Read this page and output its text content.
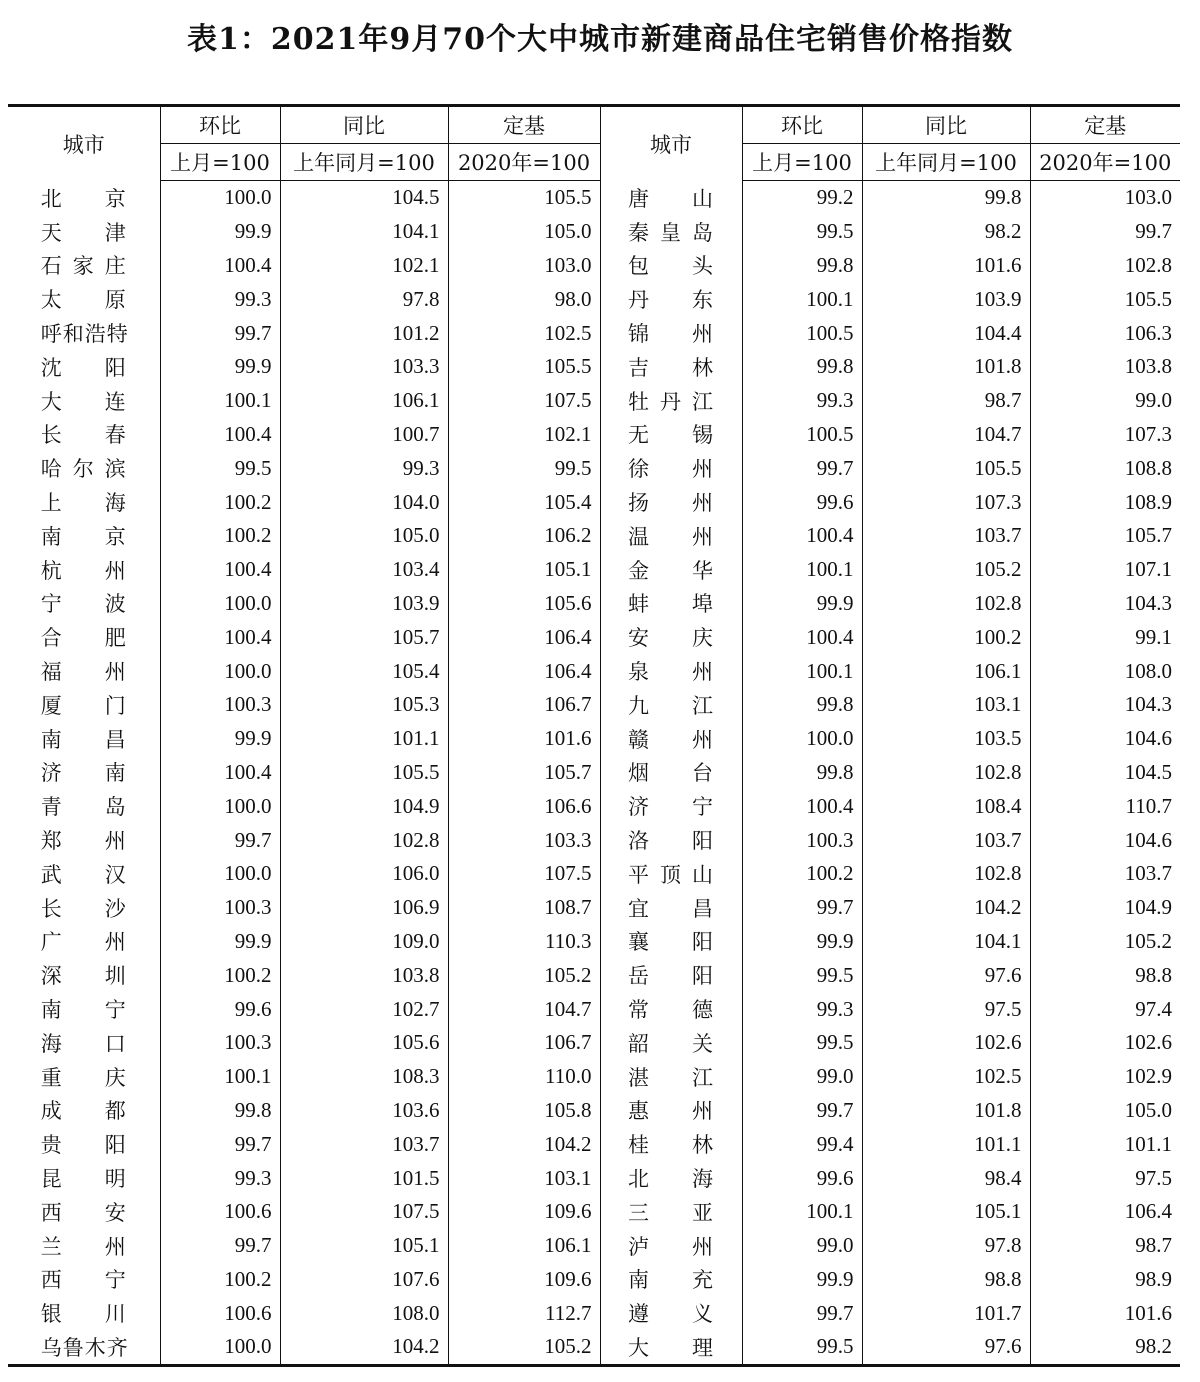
表1：2021年9月70个大中城市新建商品住宅销售价格指数
城市	环比	同比	定基	城市	环比	同比	定基
	上月=100	上年同月=100	2020年=100		上月=100	上年同月=100	2020年=100
北京	100.0	104.5	105.5	唐山	99.2	99.8	103.0
天津	99.9	104.1	105.0	秦皇岛	99.5	98.2	99.7
石家庄	100.4	102.1	103.0	包头	99.8	101.6	102.8
太原	99.3	97.8	98.0	丹东	100.1	103.9	105.5
呼和浩特	99.7	101.2	102.5	锦州	100.5	104.4	106.3
沈阳	99.9	103.3	105.5	吉林	99.8	101.8	103.8
大连	100.1	106.1	107.5	牡丹江	99.3	98.7	99.0
长春	100.4	100.7	102.1	无锡	100.5	104.7	107.3
哈尔滨	99.5	99.3	99.5	徐州	99.7	105.5	108.8
上海	100.2	104.0	105.4	扬州	99.6	107.3	108.9
南京	100.2	105.0	106.2	温州	100.4	103.7	105.7
杭州	100.4	103.4	105.1	金华	100.1	105.2	107.1
宁波	100.0	103.9	105.6	蚌埠	99.9	102.8	104.3
合肥	100.4	105.7	106.4	安庆	100.4	100.2	99.1
福州	100.0	105.4	106.4	泉州	100.1	106.1	108.0
厦门	100.3	105.3	106.7	九江	99.8	103.1	104.3
南昌	99.9	101.1	101.6	赣州	100.0	103.5	104.6
济南	100.4	105.5	105.7	烟台	99.8	102.8	104.5
青岛	100.0	104.9	106.6	济宁	100.4	108.4	110.7
郑州	99.7	102.8	103.3	洛阳	100.3	103.7	104.6
武汉	100.0	106.0	107.5	平顶山	100.2	102.8	103.7
长沙	100.3	106.9	108.7	宜昌	99.7	104.2	104.9
广州	99.9	109.0	110.3	襄阳	99.9	104.1	105.2
深圳	100.2	103.8	105.2	岳阳	99.5	97.6	98.8
南宁	99.6	102.7	104.7	常德	99.3	97.5	97.4
海口	100.3	105.6	106.7	韶关	99.5	102.6	102.6
重庆	100.1	108.3	110.0	湛江	99.0	102.5	102.9
成都	99.8	103.6	105.8	惠州	99.7	101.8	105.0
贵阳	99.7	103.7	104.2	桂林	99.4	101.1	101.1
昆明	99.3	101.5	103.1	北海	99.6	98.4	97.5
西安	100.6	107.5	109.6	三亚	100.1	105.1	106.4
兰州	99.7	105.1	106.1	泸州	99.0	97.8	98.7
西宁	100.2	107.6	109.6	南充	99.9	98.8	98.9
银川	100.6	108.0	112.7	遵义	99.7	101.7	101.6
乌鲁木齐	100.0	104.2	105.2	大理	99.5	97.6	98.2
